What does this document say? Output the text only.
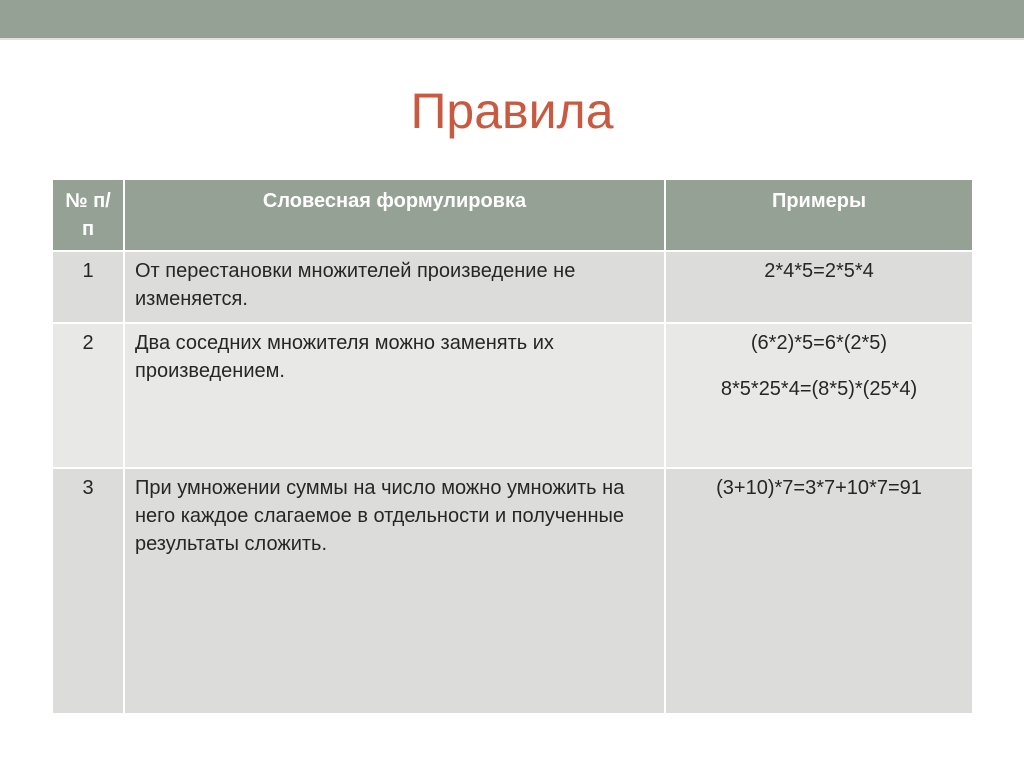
Правила
№ п/п	Словесная формулировка	Примеры
1	От перестановки множителей произведение не изменяется.	2*4*5=2*5*4

2	Два соседних множителя можно заменять их произведением.	(6*2)*5=6*(2*5)
8*5*25*4=(8*5)*(25*4)

3	При умножении суммы на число можно умножить на него каждое слагаемое в отдельности и полученные результаты сложить.	(3+10)*7=3*7+10*7=91
